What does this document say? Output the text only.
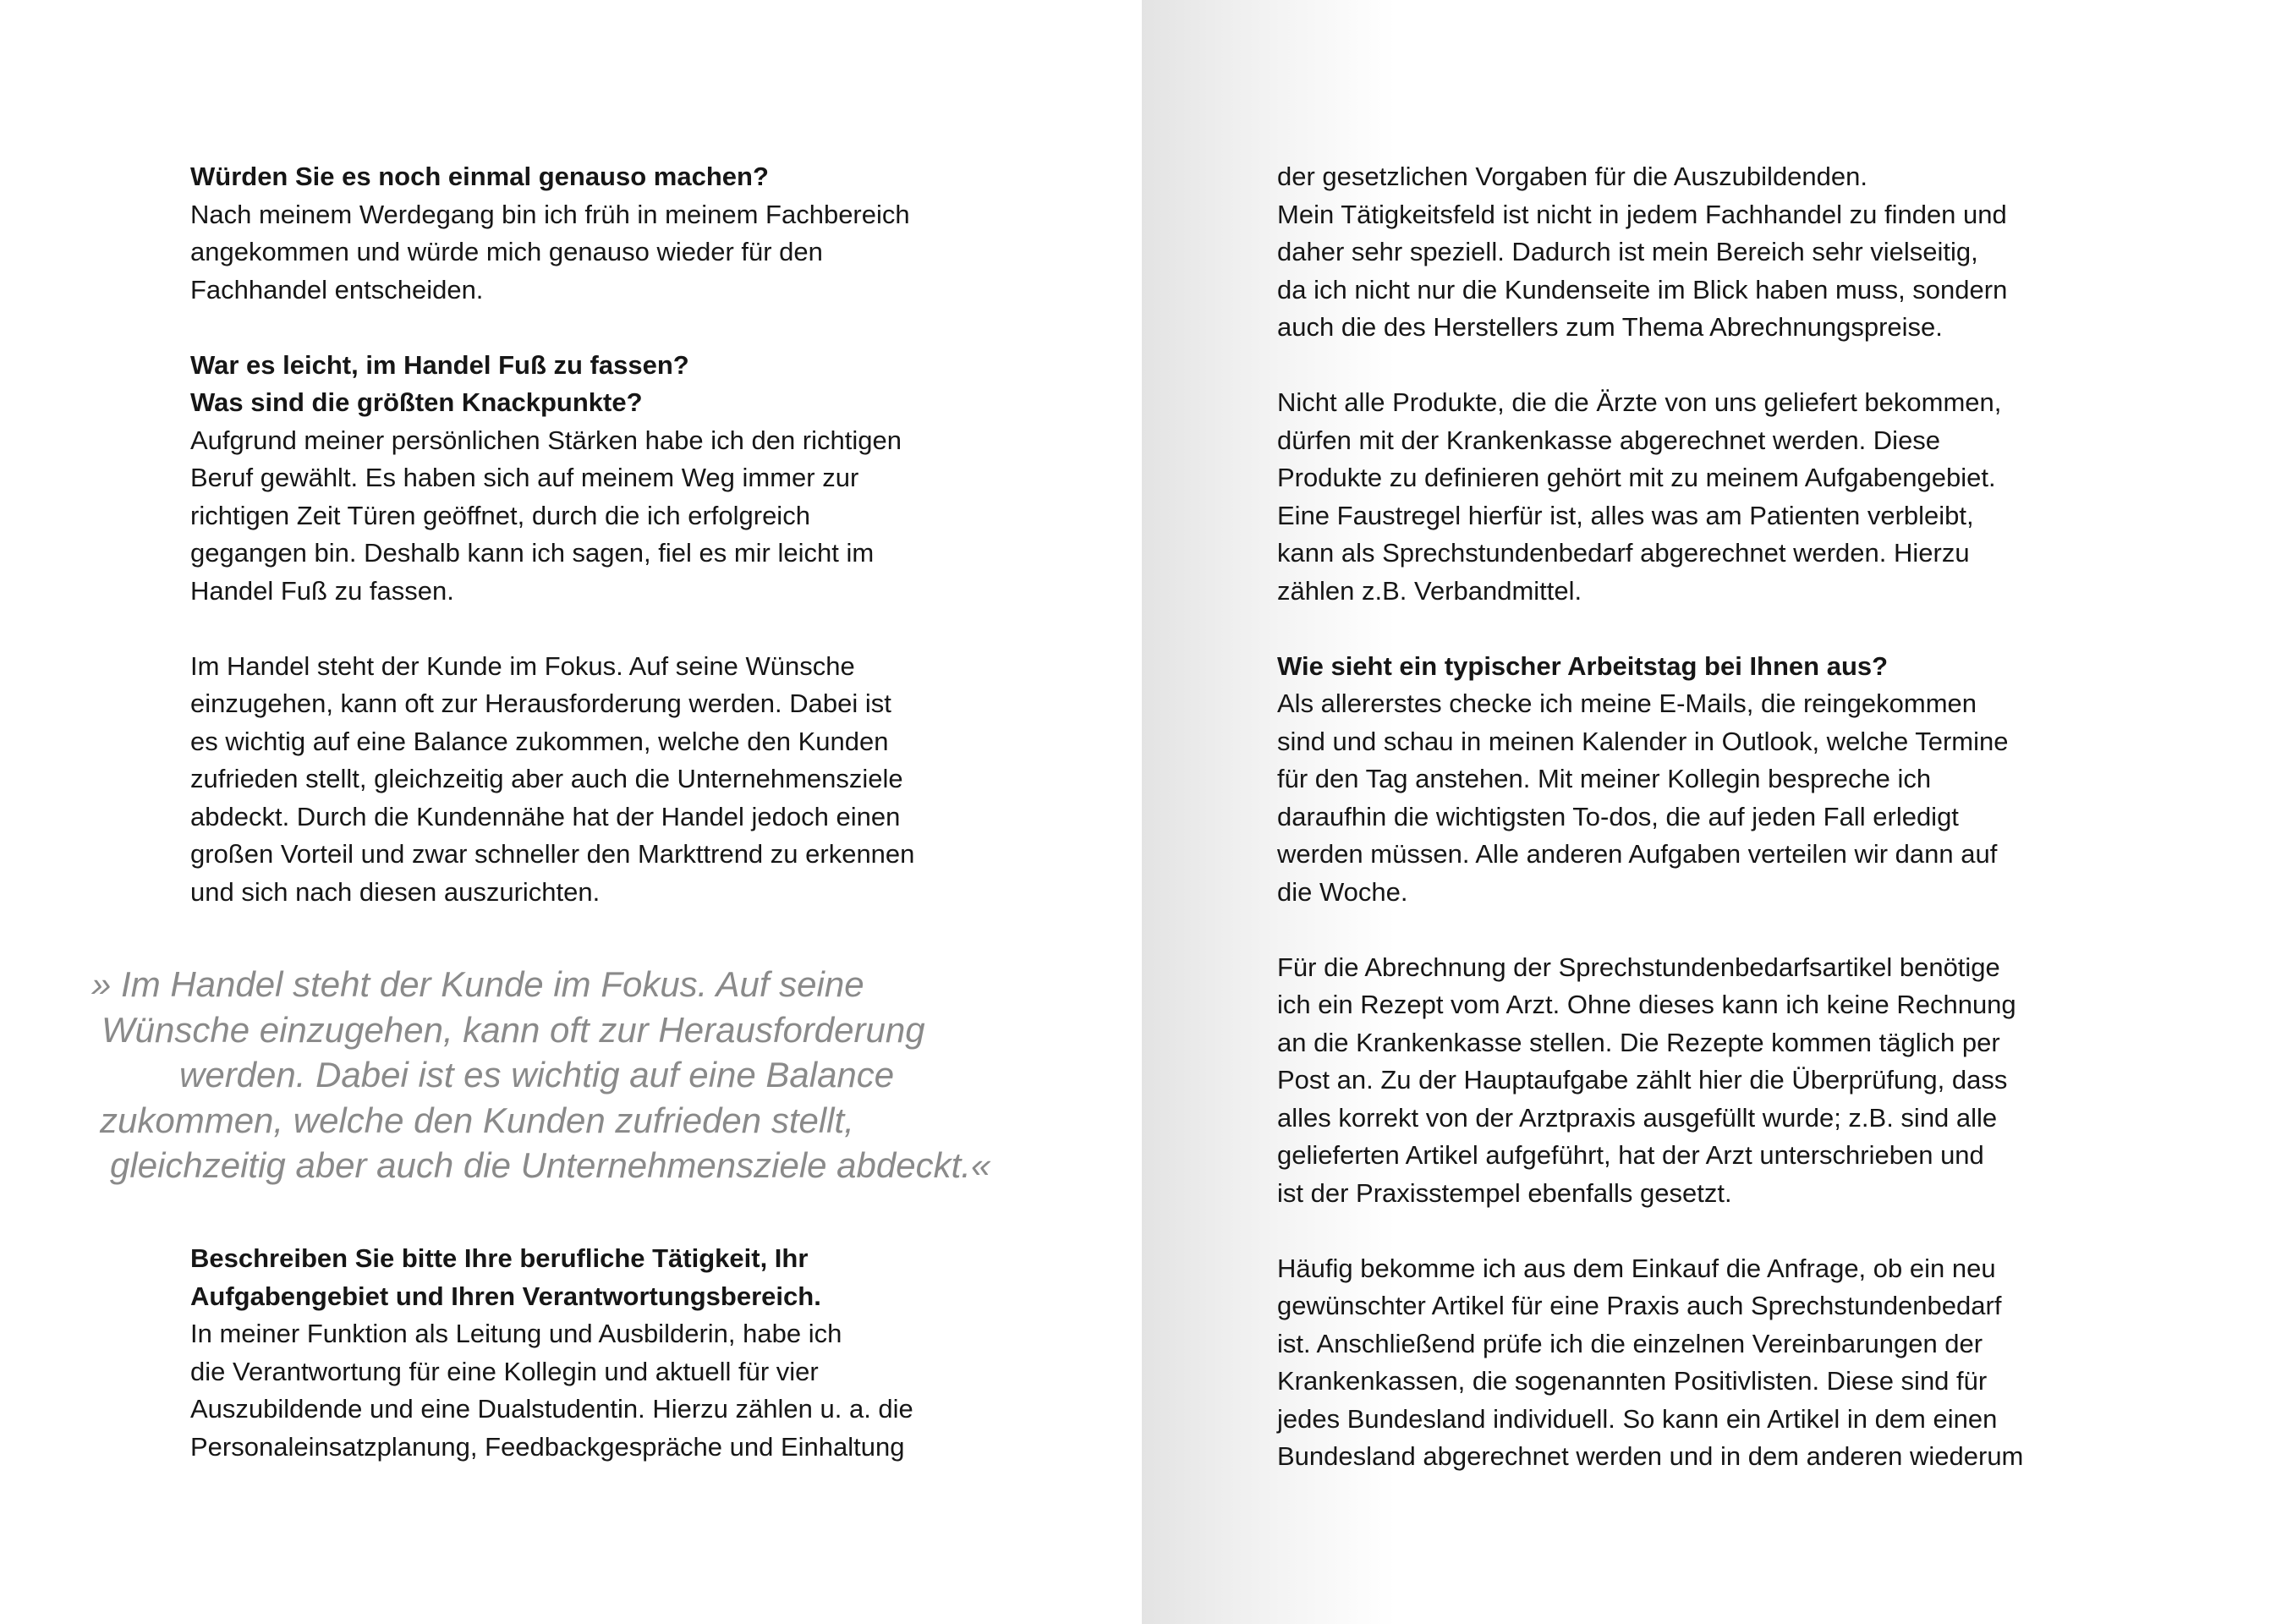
Würden Sie es noch einmal genauso machen?
Nach meinem Werdegang bin ich früh in meinem Fachbereich
angekommen und würde mich genauso wieder für den
Fachhandel entscheiden.
War es leicht, im Handel Fuß zu fassen?
Was sind die größten Knackpunkte?
Aufgrund meiner persönlichen Stärken habe ich den richtigen
Beruf gewählt. Es haben sich auf meinem Weg immer zur
richtigen Zeit Türen geöffnet, durch die ich erfolgreich
gegangen bin. Deshalb kann ich sagen, fiel es mir leicht im
Handel Fuß zu fassen.
Im Handel steht der Kunde im Fokus. Auf seine Wünsche
einzugehen, kann oft zur Herausforderung werden. Dabei ist
es wichtig auf eine Balance zukommen, welche den Kunden
zufrieden stellt, gleichzeitig aber auch die Unternehmensziele
abdeckt. Durch die Kundennähe hat der Handel jedoch einen
großen Vorteil und zwar schneller den Markttrend zu erkennen
und sich nach diesen auszurichten.
» Im Handel steht der Kunde im Fokus. Auf seine
Wünsche einzugehen, kann oft zur Herausforderung
werden. Dabei ist es wichtig auf eine Balance
zukommen, welche den Kunden zufrieden stellt,
gleichzeitig aber auch die Unternehmensziele abdeckt.«
Beschreiben Sie bitte Ihre berufliche Tätigkeit, Ihr
Aufgabengebiet und Ihren Verantwortungsbereich.
In meiner Funktion als Leitung und Ausbilderin, habe ich
die Verantwortung für eine Kollegin und aktuell für vier
Auszubildende und eine Dualstudentin. Hierzu zählen u. a. die
Personaleinsatzplanung, Feedbackgespräche und Einhaltung
der gesetzlichen Vorgaben für die Auszubildenden.
Mein Tätigkeitsfeld ist nicht in jedem Fachhandel zu finden und
daher sehr speziell. Dadurch ist mein Bereich sehr vielseitig,
da ich nicht nur die Kundenseite im Blick haben muss, sondern
auch die des Herstellers zum Thema Abrechnungspreise.
Nicht alle Produkte, die die Ärzte von uns geliefert bekommen,
dürfen mit der Krankenkasse abgerechnet werden. Diese
Produkte zu definieren gehört mit zu meinem Aufgabengebiet.
Eine Faustregel hierfür ist, alles was am Patienten verbleibt,
kann als Sprechstundenbedarf abgerechnet werden. Hierzu
zählen z.B. Verbandmittel.
Wie sieht ein typischer Arbeitstag bei Ihnen aus?
Als allererstes checke ich meine E-Mails, die reingekommen
sind und schau in meinen Kalender in Outlook, welche Termine
für den Tag anstehen. Mit meiner Kollegin bespreche ich
daraufhin die wichtigsten To-dos, die auf jeden Fall erledigt
werden müssen. Alle anderen Aufgaben verteilen wir dann auf
die Woche.
Für die Abrechnung der Sprechstundenbedarfsartikel benötige
ich ein Rezept vom Arzt. Ohne dieses kann ich keine Rechnung
an die Krankenkasse stellen. Die Rezepte kommen täglich per
Post an. Zu der Hauptaufgabe zählt hier die Überprüfung, dass
alles korrekt von der Arztpraxis ausgefüllt wurde; z.B. sind alle
gelieferten Artikel aufgeführt, hat der Arzt unterschrieben und
ist der Praxisstempel ebenfalls gesetzt.
Häufig bekomme ich aus dem Einkauf die Anfrage, ob ein neu
gewünschter Artikel für eine Praxis auch Sprechstundenbedarf
ist. Anschließend prüfe ich die einzelnen Vereinbarungen der
Krankenkassen, die sogenannten Positivlisten. Diese sind für
jedes Bundesland individuell. So kann ein Artikel in dem einen
Bundesland abgerechnet werden und in dem anderen wiederum
